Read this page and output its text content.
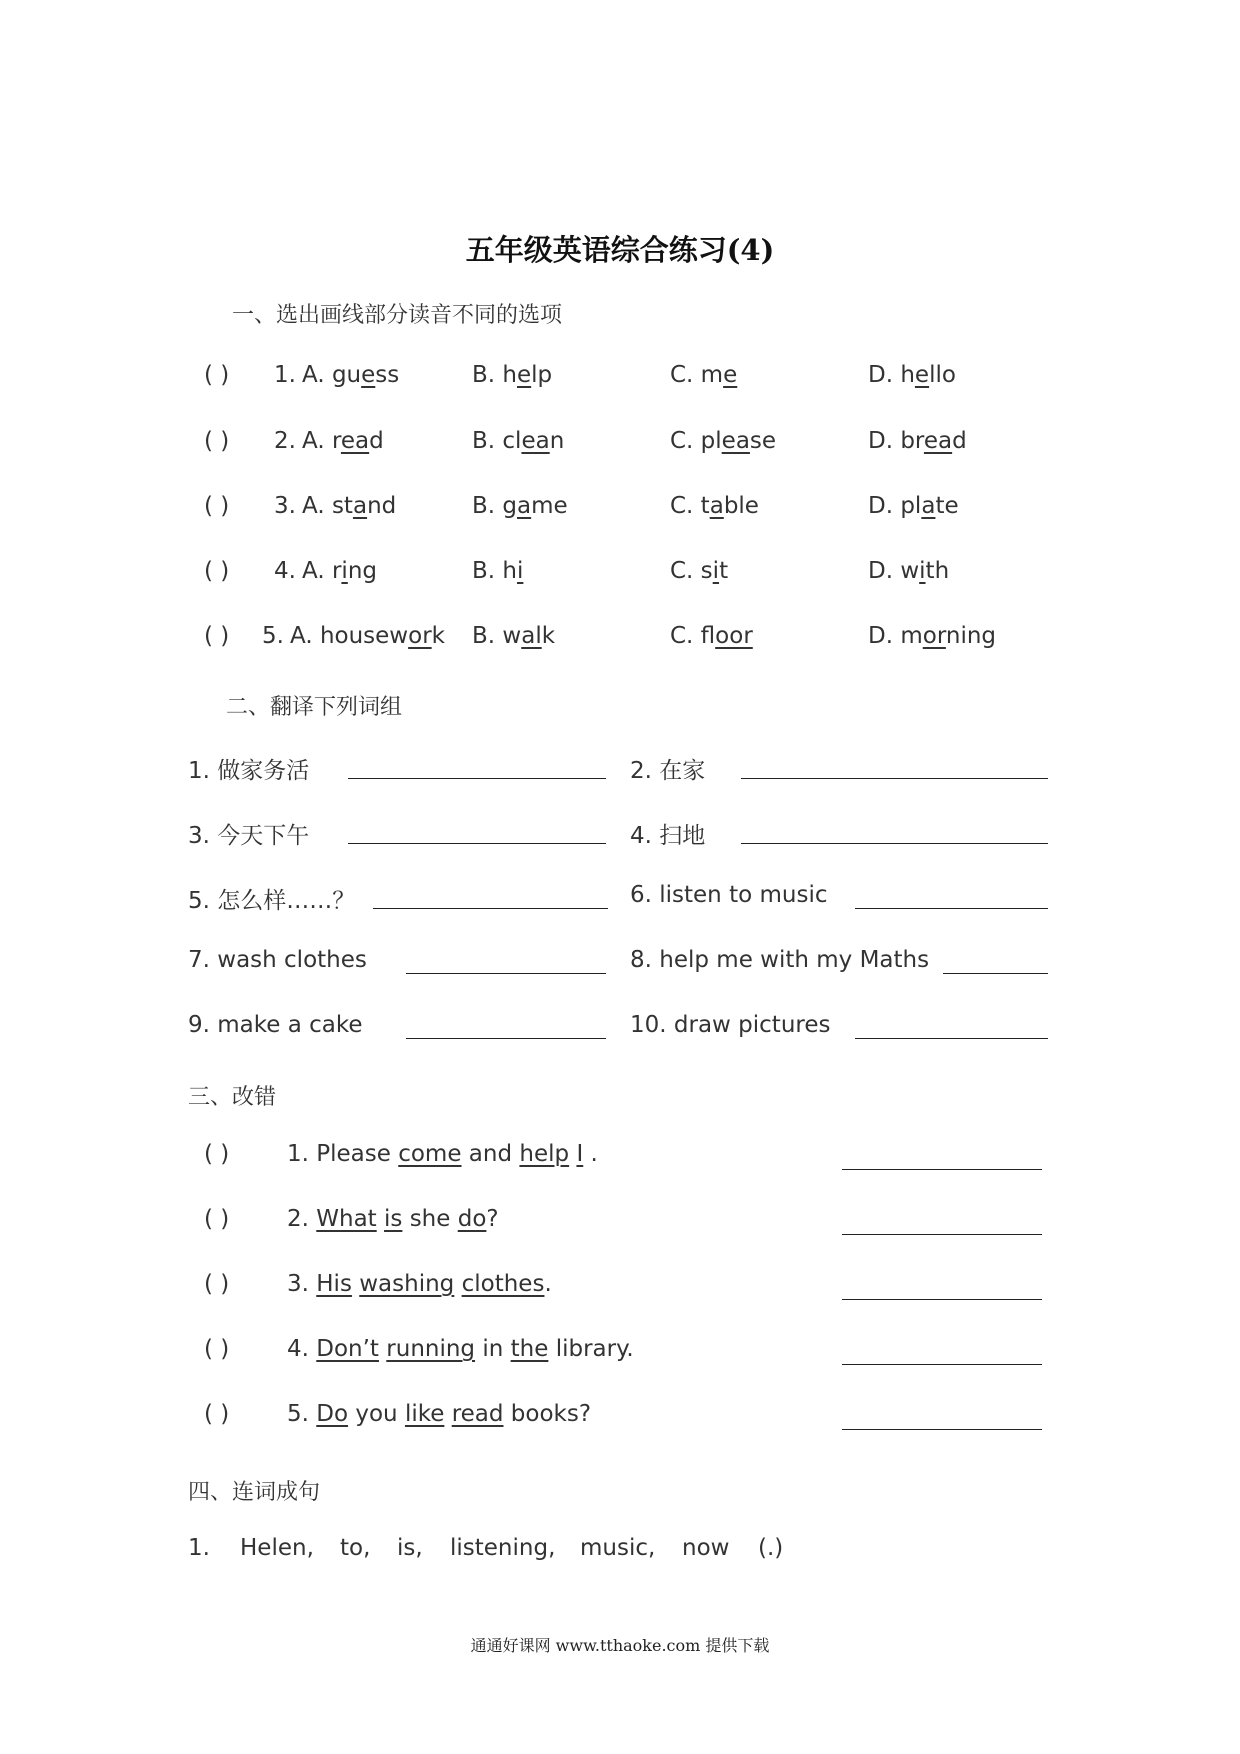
五年级英语综合练习(4)
一、选出画线部分读音不同的选项
( ) 1. A. guess	B. help	C. me	D. hello
( ) 2. A. read	B. clean	C. please	D. bread
( ) 3. A. stand	B. game	C. table	D. plate
( ) 4. A. ring	B. hi	C. sit	D. with
( ) 5. A. housework B. walk	C. floor	D. morning
二、翻译下列词组
1. 做家务活	2. 在家
3. 今天下午	4. 扫地
5. 怎么样……？	6. listen to music
7. wash clothes	8. help me with my Maths
9. make a cake	10. draw pictures
三、改错
( )	1. Please come and help I .
( )	2. What is she do?
( )	3. His washing clothes.
( )	4. Don’t running in the library.
( )	5. Do you like read books?
四、连词成句
1. Helen, to, is, listening, music, now (.)
通通好课网 www.tthaoke.com 提供下载
